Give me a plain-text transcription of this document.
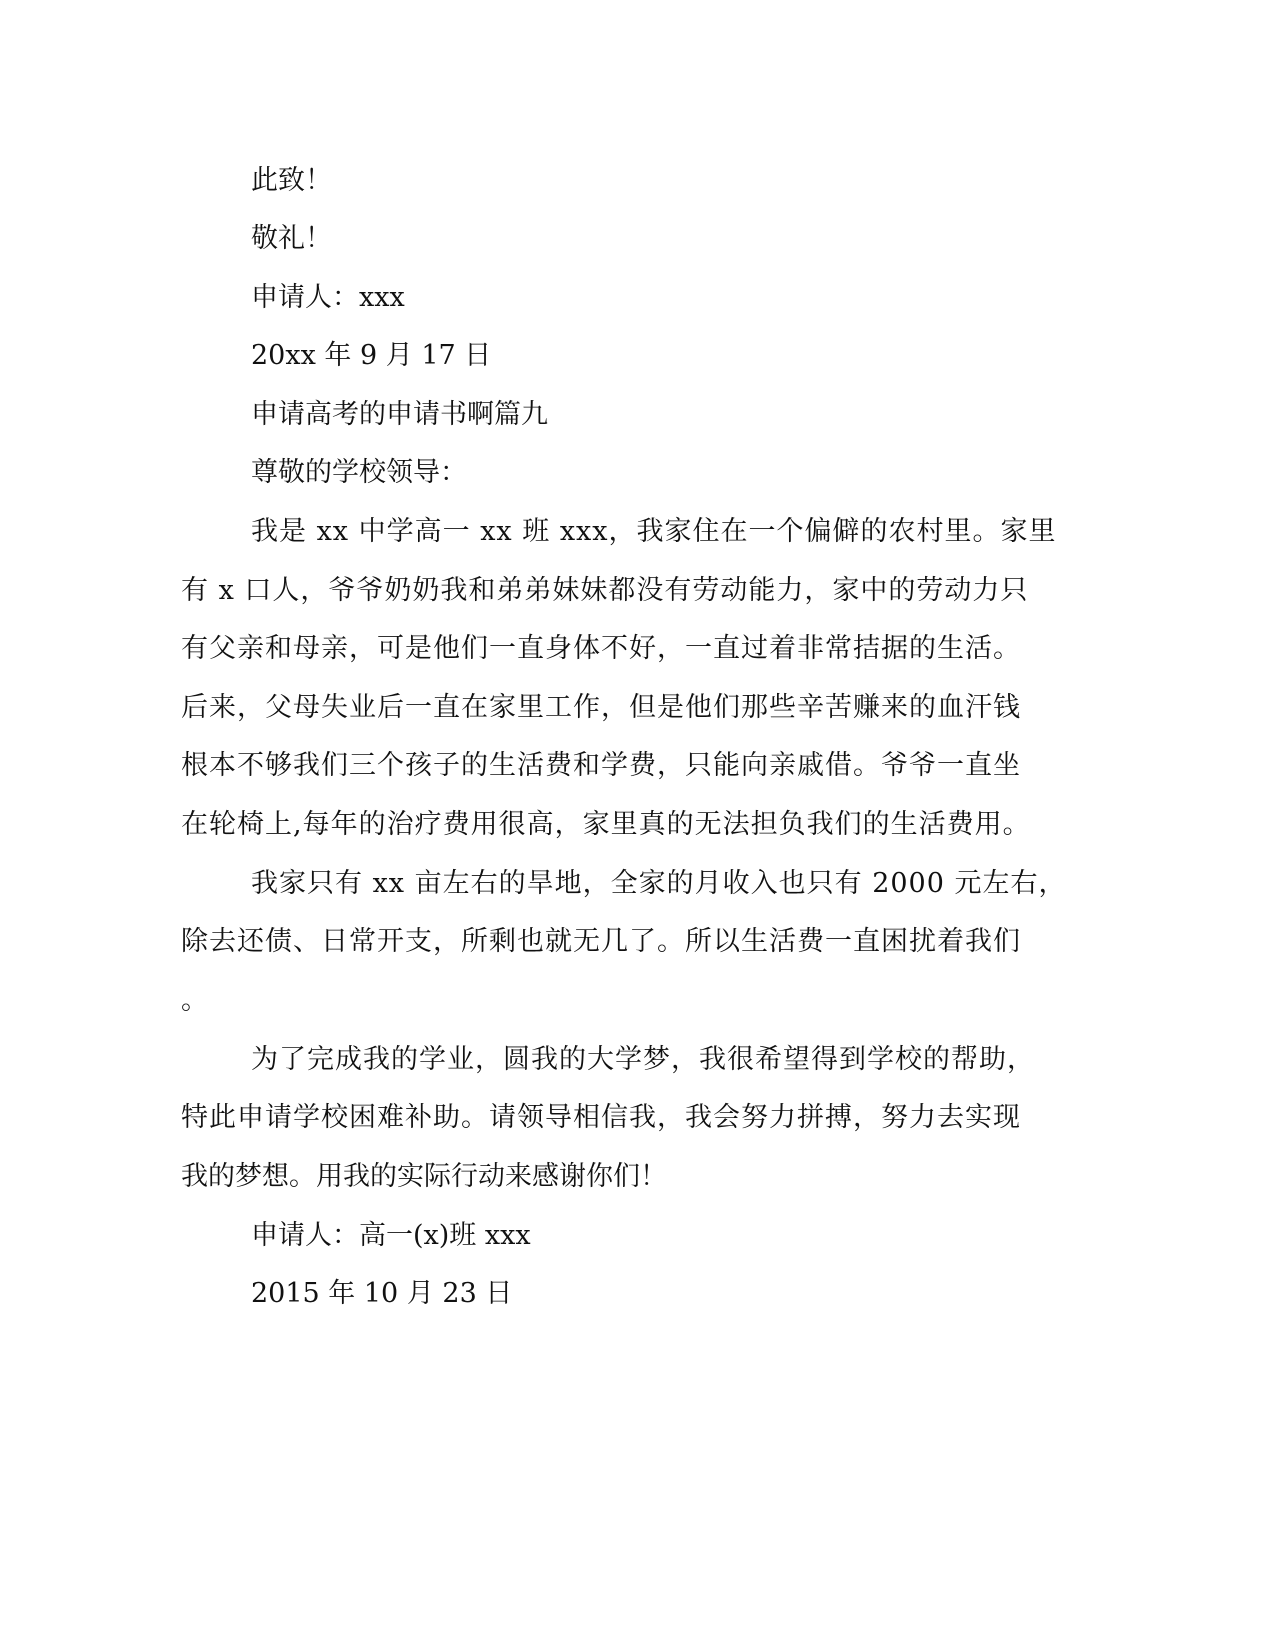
此致！

敬礼！

申请人：xxx

20xx 年 9 月 17 日

申请高考的申请书啊篇九

尊敬的学校领导：

我是 xx 中学高一 xx 班 xxx，我家住在一个偏僻的农村里。家里

有 x 口人，爷爷奶奶我和弟弟妹妹都没有劳动能力，家中的劳动力只

有父亲和母亲，可是他们一直身体不好，一直过着非常拮据的生活。

后来，父母失业后一直在家里工作，但是他们那些辛苦赚来的血汗钱

根本不够我们三个孩子的生活费和学费，只能向亲戚借。爷爷一直坐

在轮椅上,每年的治疗费用很高，家里真的无法担负我们的生活费用。

我家只有 xx 亩左右的旱地，全家的月收入也只有 2000 元左右，

除去还债、日常开支，所剩也就无几了。所以生活费一直困扰着我们

。

为了完成我的学业，圆我的大学梦，我很希望得到学校的帮助，

特此申请学校困难补助。请领导相信我，我会努力拼搏，努力去实现

我的梦想。用我的实际行动来感谢你们！

申请人：高一(x)班 xxx

2015 年 10 月 23 日
